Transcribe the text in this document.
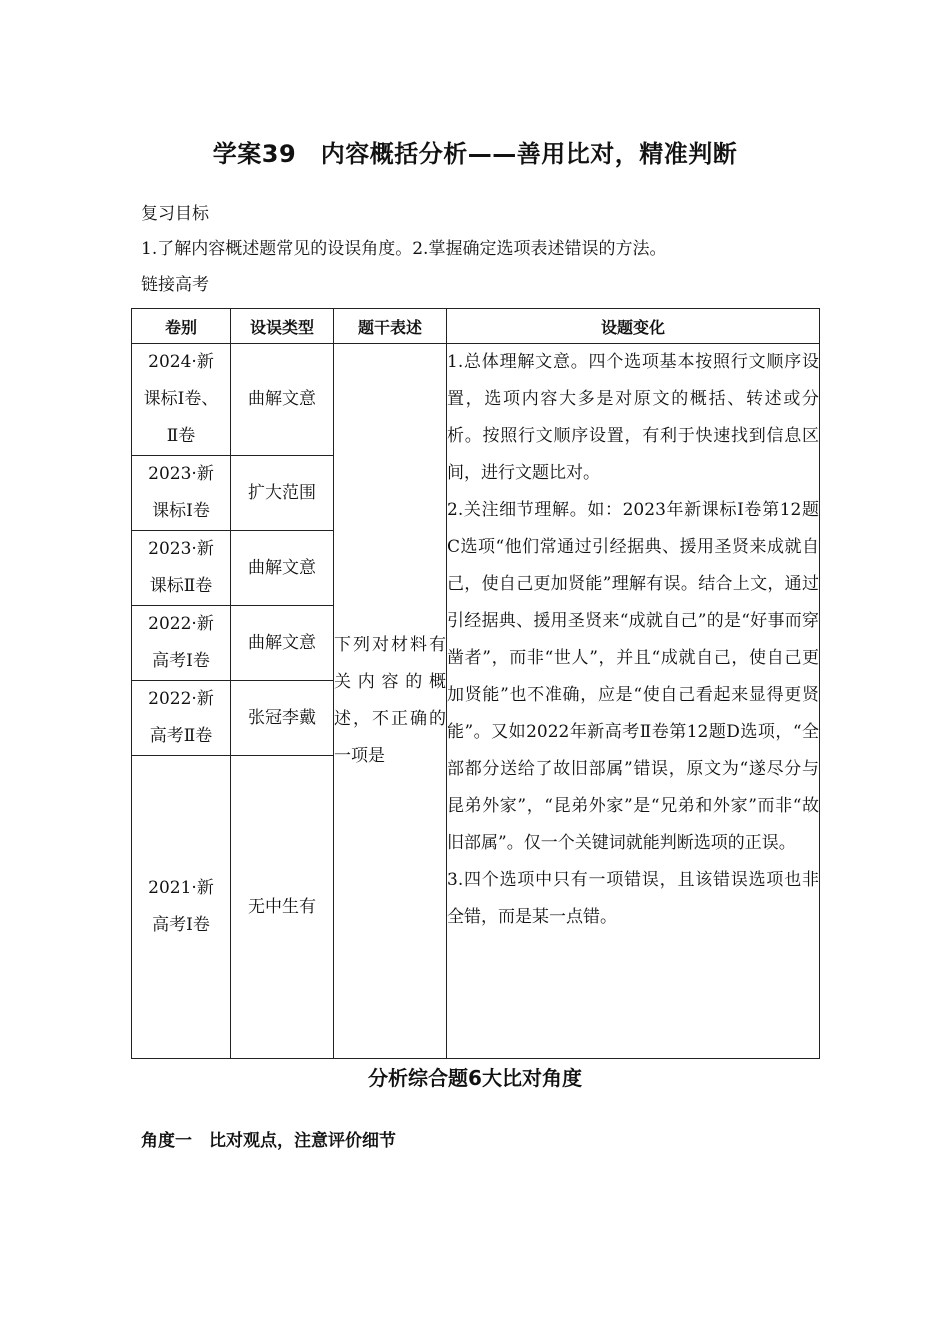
学案39　内容概括分析——善用比对，精准判断
复习目标
1.了解内容概述题常见的设误角度。2.掌握确定选项表述错误的方法。
链接高考
卷别	设误类型	题干表述	设题变化
2024·新课标Ⅰ卷、Ⅱ卷	曲解文意	下列对材料有关内容的概述，不正确的一项是	1.总体理解文意。四个选项基本按照行文顺序设置，选项内容大多是对原文的概括、转述或分析。按照行文顺序设置，有利于快速找到信息区间，进行文题比对。

2.关注细节理解。如：2023年新课标Ⅰ卷第12题C选项“他们常通过引经据典、援用圣贤来成就自己，使自己更加贤能”理解有误。结合上文，通过引经据典、援用圣贤来“成就自己”的是“好事而穿凿者”，而非“世人”，并且“成就自己，使自己更加贤能”也不准确，应是“使自己看起来显得更贤能”。又如2022年新高考Ⅱ卷第12题D选项，“全部都分送给了故旧部属”错误，原文为“遂尽分与昆弟外家”，“昆弟外家”是“兄弟和外家”而非“故旧部属”。仅一个关键词就能判断选项的正误。

3.四个选项中只有一项错误，且该错误选项也非全错，而是某一点错。

2023·新课标Ⅰ卷	扩大范围		
2023·新课标Ⅱ卷	曲解文意		
2022·新高考Ⅰ卷	曲解文意		
2022·新高考Ⅱ卷	张冠李戴		
2021·新高考Ⅰ卷	无中生有		
分析综合题6大比对角度
角度一　比对观点，注意评价细节
